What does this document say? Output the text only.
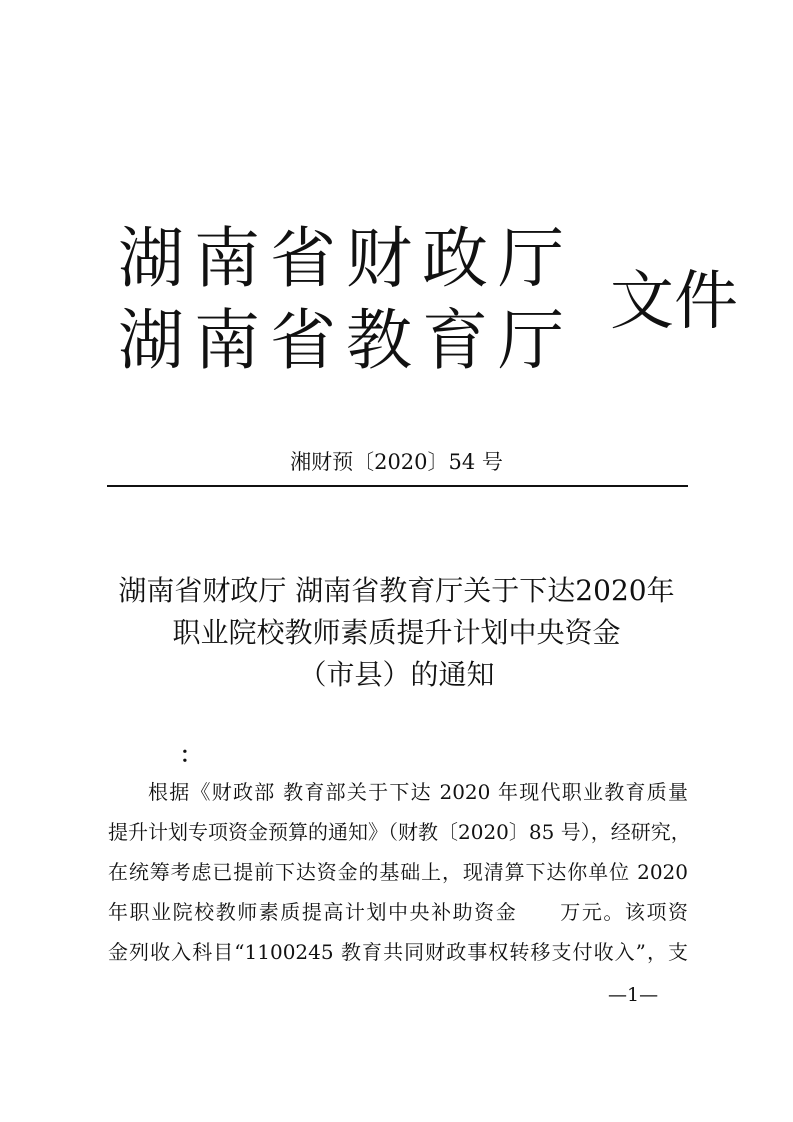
湖南省财政厅
湖南省教育厅 文件
湘财预〔2020〕54 号
湖南省财政厅 湖南省教育厅关于下达2020年
职业院校教师素质提升计划中央资金
（市县）的通知
：
根据《财政部 教育部关于下达 2020 年现代职业教育质量
提升计划专项资金预算的通知》（财教〔2020〕85 号），经研究，
在统筹考虑已提前下达资金的基础上，现清算下达你单位 2020
年职业院校教师素质提高计划中央补助资金　　万元。该项资
金列收入科目“1100245 教育共同财政事权转移支付收入”，支
—1—
